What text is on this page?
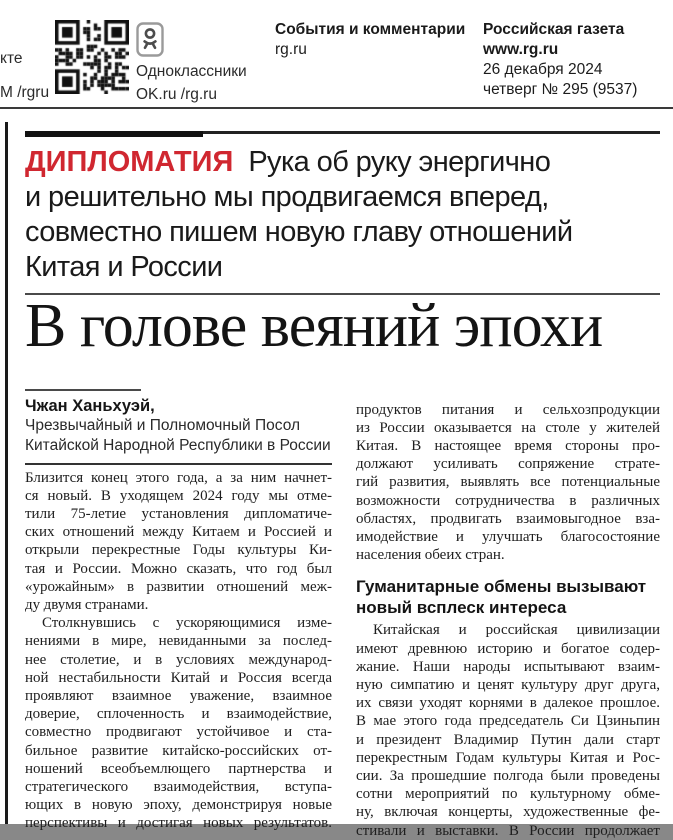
кте
М /rgru
Одноклассники
OK.ru /rg.ru
События и комментарии
rg.ru
Российская газета
www.rg.ru
26 декабря 2024
четверг № 295 (9537)
ДИПЛОМАТИЯ Рука об руку энергично
и решительно мы продвигаемся вперед,
совместно пишем новую главу отношений
Китая и России
В голове веяний эпохи
Чжан Ханьхуэй,
Чрезвычайный и Полномочный Посол
Китайской Народной Республики в России
Близится конец этого года, а за ним начнет-
ся новый. В уходящем 2024 году мы отме-
тили 75-летие установления дипломатиче-
ских отношений между Китаем и Россией и
открыли перекрестные Годы культуры Ки-
тая и России. Можно сказать, что год был
«урожайным» в развитии отношений меж-
ду двумя странами.
Столкнувшись с ускоряющимися изме-
нениями в мире, невиданными за послед-
нее столетие, и в условиях международ-
ной нестабильности Китай и Россия всегда
проявляют взаимное уважение, взаимное
доверие, сплоченность и взаимодействие,
совместно продвигают устойчивое и ста-
бильное развитие китайско-российских от-
ношений всеобъемлющего партнерства и
стратегического взаимодействия, вступа-
ющих в новую эпоху, демонстрируя новые
перспективы и достигая новых результатов.
продуктов питания и сельхозпродукции
из России оказывается на столе у жителей
Китая. В настоящее время стороны про-
должают усиливать сопряжение страте-
гий развития, выявлять все потенциальные
возможности сотрудничества в различных
областях, продвигать взаимовыгодное вза-
имодействие и улучшать благосостояние
населения обеих стран.
Гуманитарные обмены вызывают
новый всплеск интереса
Китайская и российская цивилизации
имеют древнюю историю и богатое содер-
жание. Наши народы испытывают взаим-
ную симпатию и ценят культуру друг друга,
их связи уходят корнями в далекое прошлое.
В мае этого года председатель Си Цзиньпин
и президент Владимир Путин дали старт
перекрестным Годам культуры Китая и Рос-
сии. За прошедшие полгода были проведены
сотни мероприятий по культурному обме-
ну, включая концерты, художественные фе-
стивали и выставки. В России продолжает
